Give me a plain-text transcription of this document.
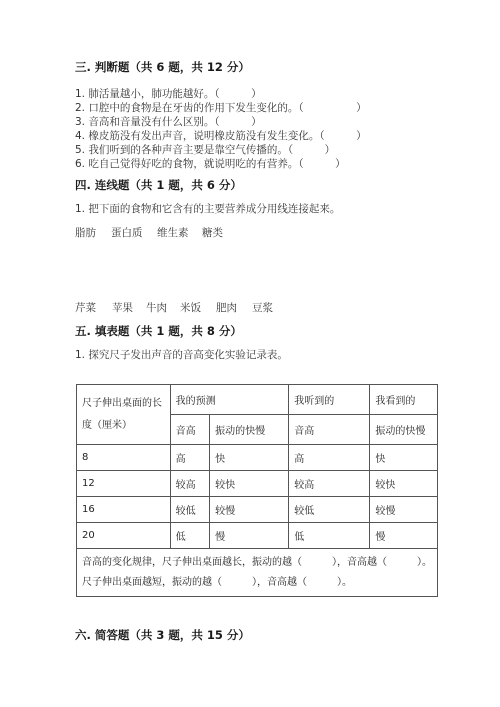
三. 判断题（共 6 题，共 12 分）
1. 肺活量越小，肺功能越好。（　　　）
2. 口腔中的食物是在牙齿的作用下发生变化的。（　　　　　）
3. 音高和音量没有什么区别。（　　　）
4. 橡皮筋没有发出声音，说明橡皮筋没有发生变化。（　　　）
5. 我们听到的各种声音主要是靠空气传播的。（　　　）
6. 吃自己觉得好吃的食物，就说明吃的有营养。（　　　）
四. 连线题（共 1 题，共 6 分）
1. 把下面的食物和它含有的主要营养成分用线连接起来。
脂肪 蛋白质 维生素 糖类
芹菜 苹果 牛肉 米饭 肥肉 豆浆
五. 填表题（共 1 题，共 8 分）
1. 探究尺子发出声音的音高变化实验记录表。
尺子伸出桌面的长度（厘米）	我的预测		我听到的	我看到的
	音高	振动的快慢	音高	振动的快慢
8	高	快	高	快
12	较高	较快	较高	较快
16	较低	较慢	较低	较慢
20	低	慢	低	慢

音高的变化规律，尺子伸出桌面越长，振动的越（　　　），音高越（　　　）。
尺子伸出桌面越短，振动的越（　　　），音高越（　　　）。				
六. 简答题（共 3 题，共 15 分）
